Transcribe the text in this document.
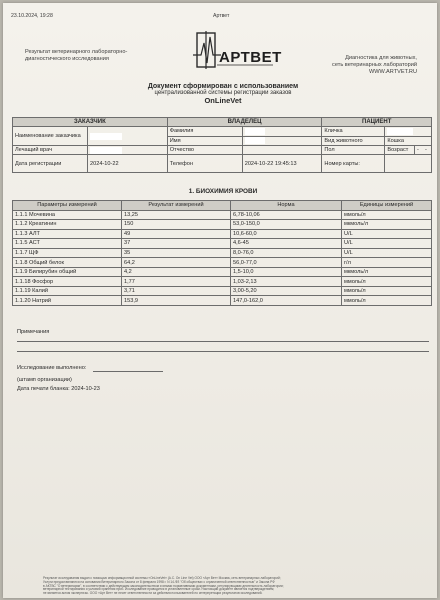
23.10.2024, 19:28	Артвет
Результат ветеринарного лабораторно-диагностического исследования	АРТВЕТ	Диагностика для животных,
сеть ветеринарных лабораторий
WWW.ARTVET.RU
Документ сформирован с использованием
централизованной системы регистрации заказов
OnLineVet
ЗАКАЗЧИК		ВЛАДЕЛЕЦ		ПАЦИЕНТ		
Наименование заказчика		Фамилия		Кличка		
		Имя		Вид животного	Кошка	
Лечащий врач		Отчество		Пол	Возраст	- -
Дата регистрации	2024-10-22	Телефон	2024-10-22 19:45:13	Номер карты:		
1. БИОХИМИЯ КРОВИ
Параметры измерений	Результат измерений	Норма	Единицы измерений
1.1.1 Мочевина	13,25	6,78-10,06	ммоль/л
1.1.2 Креатинин	150	53,0-150,0	мкмоль/л
1.1.3 АЛТ	49	10,6-60,0	U/L
1.1.5 АСТ	37	4,6-45	U/L
1.1.7 ЩФ	35	8,0-76,0	U/L
1.1.8 Общий белок	64,2	56,0-77,0	г/л
1.1.9 Билирубин общий	4,2	1,5-10,0	мкмоль/л
1.1.18 Фосфор	1,77	1,03-2,13	ммоль/л
1.1.19 Калий	3,71	3,00-5,20	ммоль/л
1.1.20 Натрий	153,9	147,0-162,0	ммоль/л
Примечания
Исследование выполнено:
(штамп организации)
Дата печати бланка: 2024-10-23
Результат исследования выдан с помощью информационной системы «OnLineVet» (А.С. On Line Vet) ООО «Арт Вет» Москва, сеть ветеринарных лабораторий;
Услуги предоставляются на основании Ветеринарного Закона от 8 февраля 1998 г. N 14-ФЗ "Об обществах с ограниченной ответственностью" и Закона РФ
в АКТВС "О ветеринарии", в соответствии с действующим законодательством и иными нормативными документами, регулирующими деятельность лаборатории;
ветеринарной тестирования и условий хранения проб. Исследование проводится в установленные сроки. Настоящий документ является подтверждением;
не является актом экспертизы. ООО «Арт Вет» не несет ответственности за действия пользователей по интерпретации результатов исследований.
